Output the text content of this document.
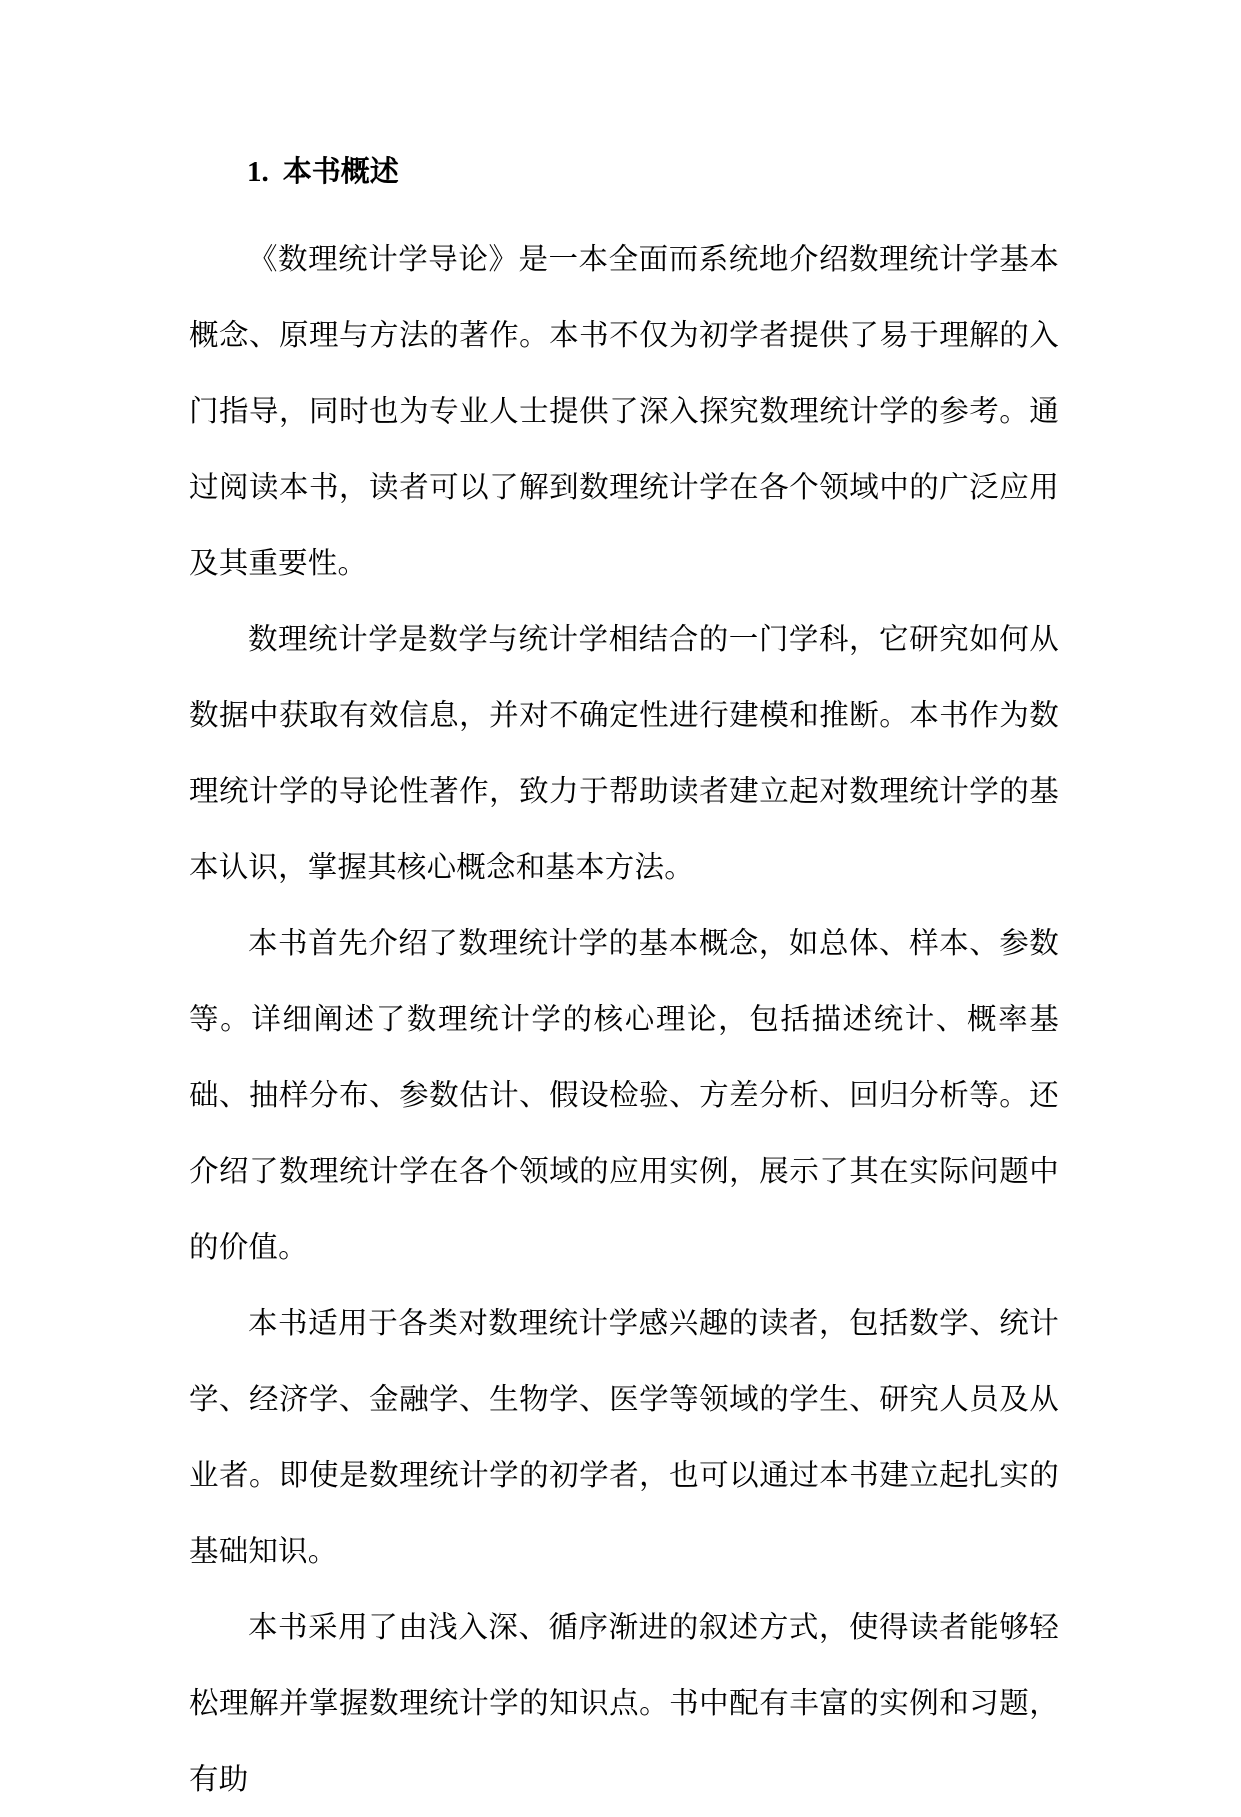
1. 本书概述

《数理统计学导论》是一本全面而系统地介绍数理统计学基本概念、原理与方法的著作。本书不仅为初学者提供了易于理解的入门指导，同时也为专业人士提供了深入探究数理统计学的参考。通过阅读本书，读者可以了解到数理统计学在各个领域中的广泛应用及其重要性。

数理统计学是数学与统计学相结合的一门学科，它研究如何从数据中获取有效信息，并对不确定性进行建模和推断。本书作为数理统计学的导论性著作，致力于帮助读者建立起对数理统计学的基本认识，掌握其核心概念和基本方法。

本书首先介绍了数理统计学的基本概念，如总体、样本、参数等。详细阐述了数理统计学的核心理论，包括描述统计、概率基础、抽样分布、参数估计、假设检验、方差分析、回归分析等。还介绍了数理统计学在各个领域的应用实例，展示了其在实际问题中的价值。

本书适用于各类对数理统计学感兴趣的读者，包括数学、统计学、经济学、金融学、生物学、医学等领域的学生、研究人员及从业者。即使是数理统计学的初学者，也可以通过本书建立起扎实的基础知识。

本书采用了由浅入深、循序渐进的叙述方式，使得读者能够轻松理解并掌握数理统计学的知识点。书中配有丰富的实例和习题，有助
